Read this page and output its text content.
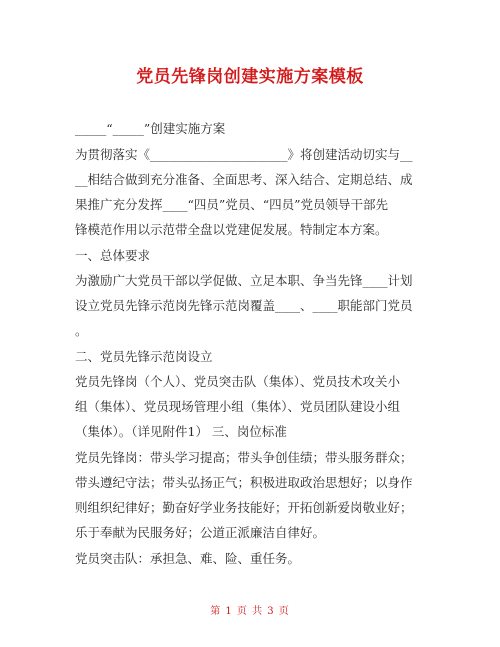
党员先锋岗创建实施方案模板
_____“_____”创建实施方案
为贯彻落实《______________________》将创建活动切实与__
__相结合做到充分准备、全面思考、深入结合、定期总结、成
果推广充分发挥____“四员”党员、“四员”党员领导干部先
锋模范作用以示范带全盘以党建促发展。特制定本方案。
一、总体要求
为激励广大党员干部以学促做、立足本职、争当先锋____计划
设立党员先锋示范岗先锋示范岗覆盖____、____职能部门党员
。
二、党员先锋示范岗设立
党员先锋岗（个人）、党员突击队（集体）、党员技术攻关小
组（集体）、党员现场管理小组（集体）、党员团队建设小组
（集体）。（详见附件1） 三、岗位标准
党员先锋岗：带头学习提高；带头争创佳绩；带头服务群众；
带头遵纪守法；带头弘扬正气；积极进取政治思想好；以身作
则组织纪律好；勤奋好学业务技能好；开拓创新爱岗敬业好；
乐于奉献为民服务好；公道正派廉洁自律好。
党员突击队：承担急、难、险、重任务。
第 1 页 共 3 页
